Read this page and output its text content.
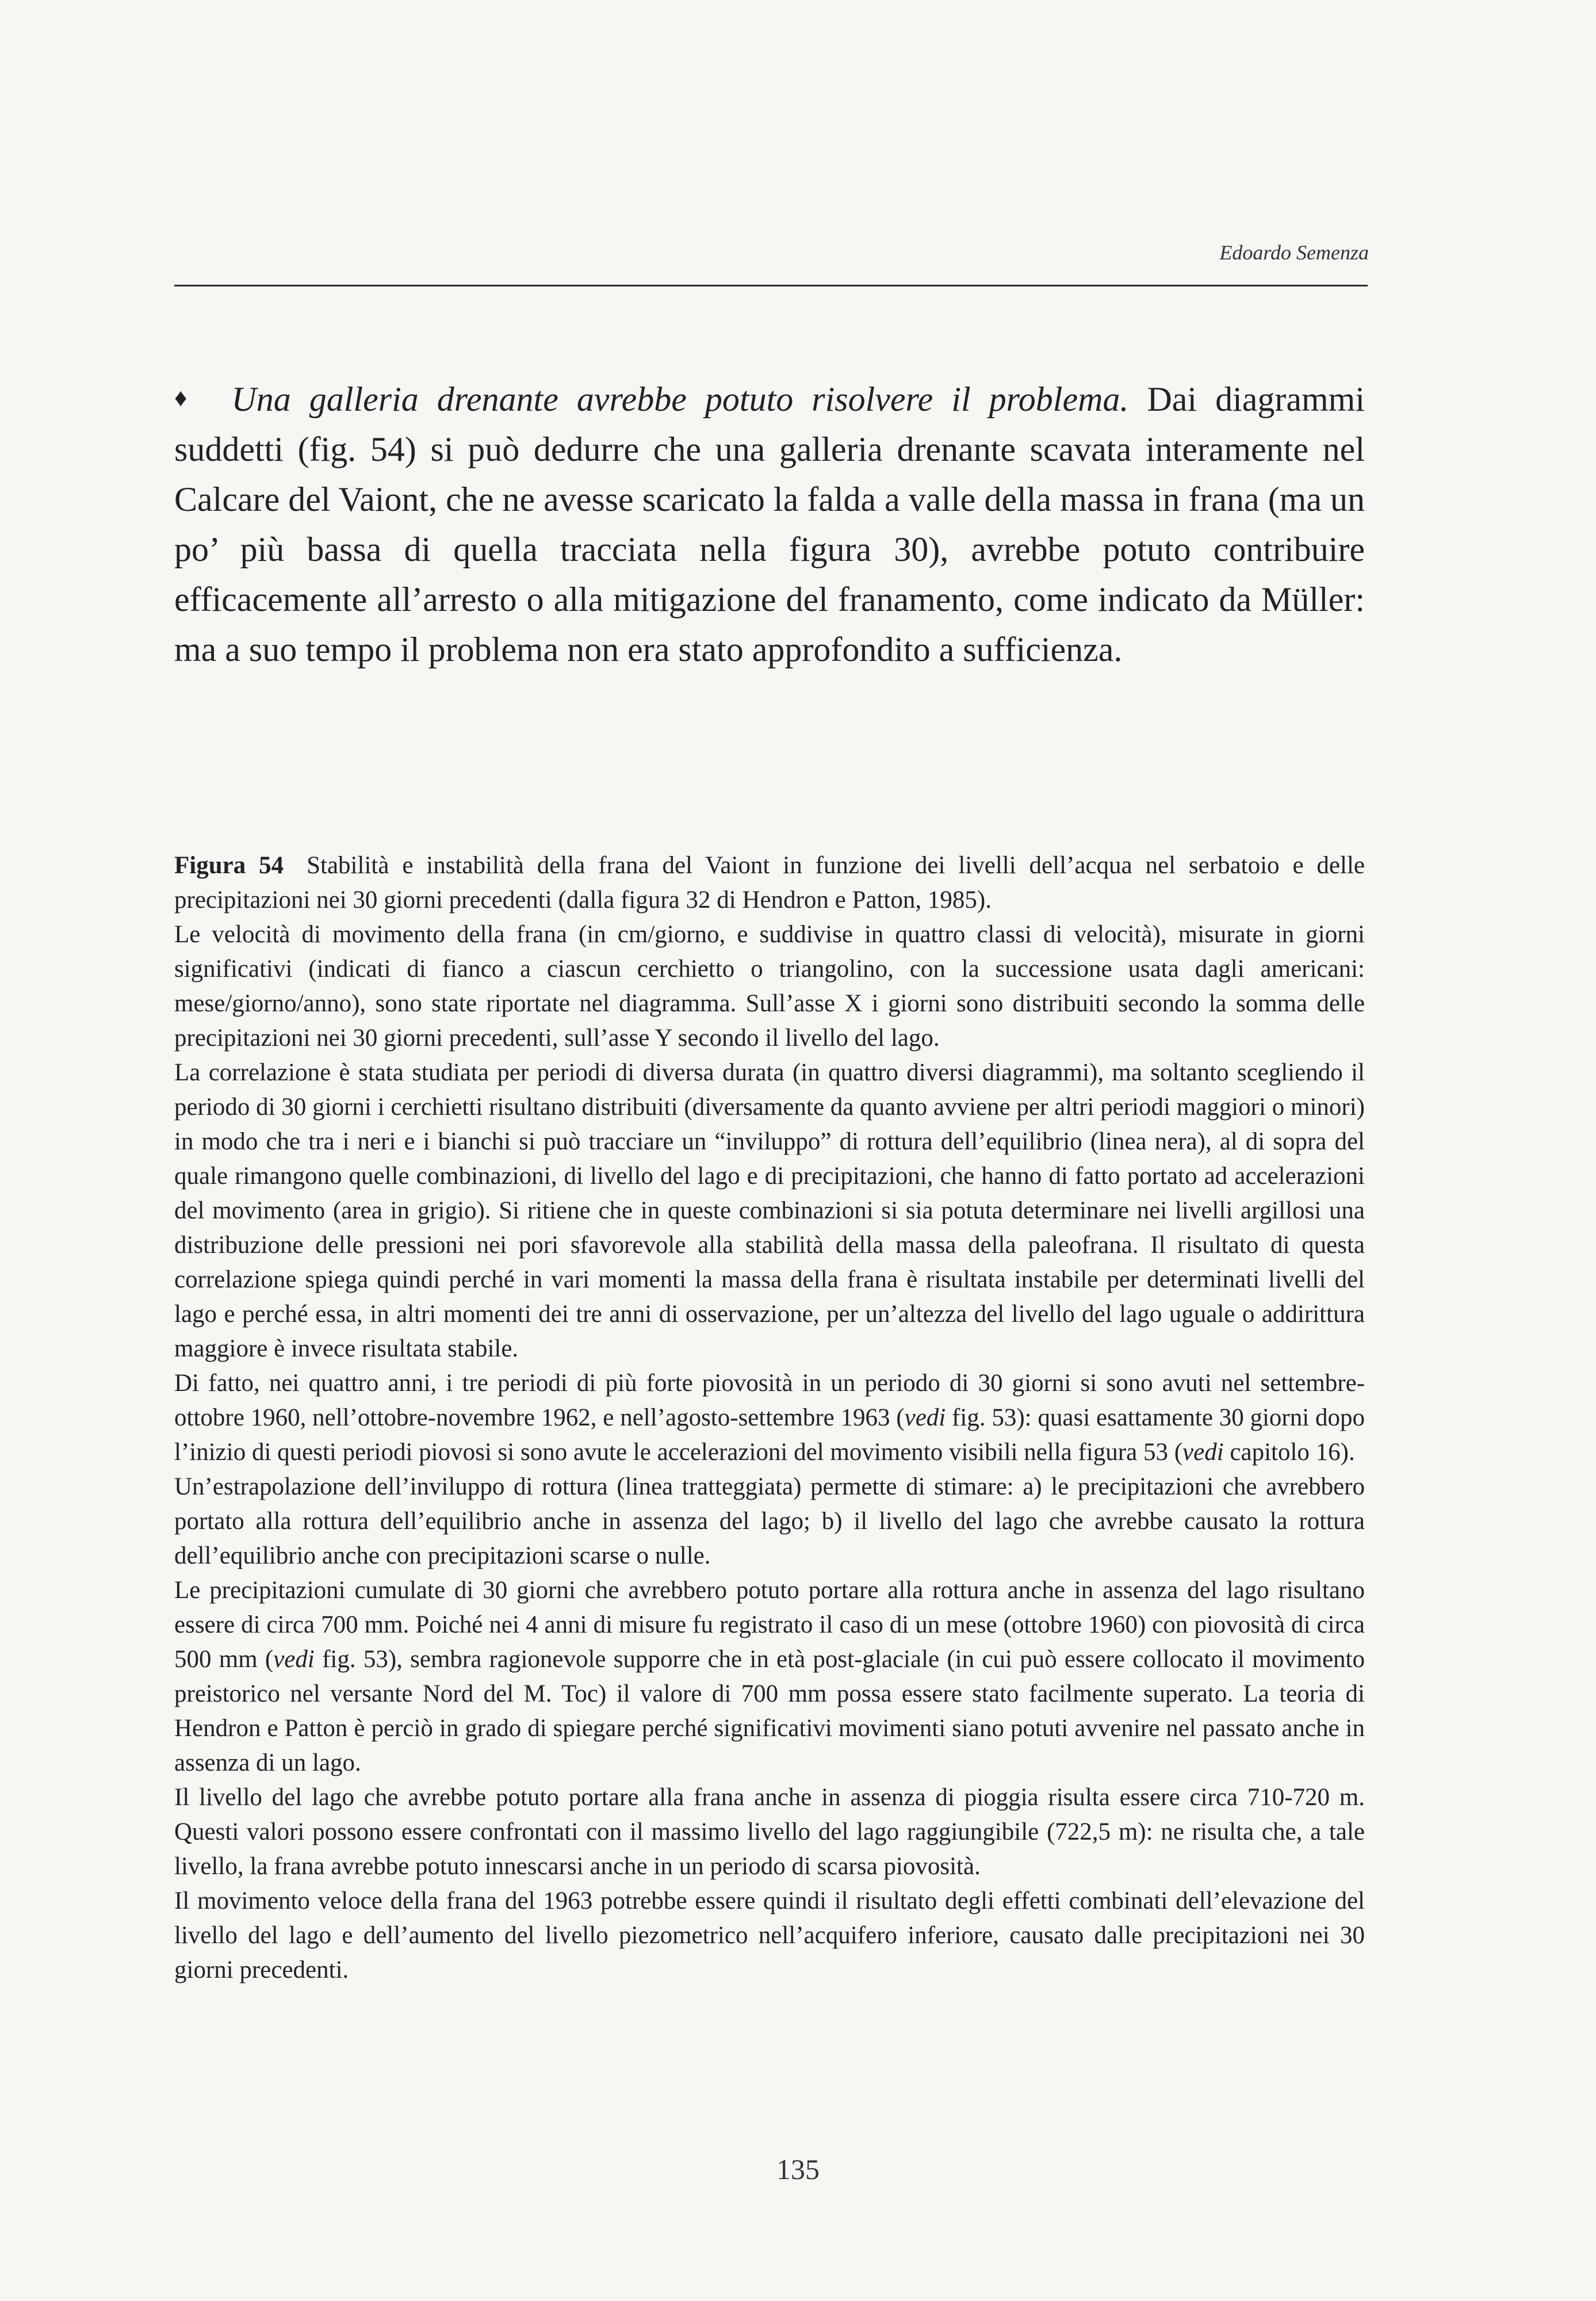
Edoardo Semenza

♦ Una galleria drenante avrebbe potuto risolvere il problema. Dai diagrammi suddetti (fig. 54) si può dedurre che una galleria drenante scavata interamente nel Calcare del Vaiont, che ne avesse scaricato la falda a valle della massa in frana (ma un po’ più bassa di quella tracciata nella figura 30), avrebbe potuto contribuire efficacemente all’arresto o alla mitigazione del franamento, come indicato da Müller: ma a suo tempo il problema non era stato approfondito a sufficienza.

Figura 54 Stabilità e instabilità della frana del Vaiont in funzione dei livelli dell’acqua nel serbatoio e delle precipitazioni nei 30 giorni precedenti (dalla figura 32 di Hendron e Patton, 1985).

Le velocità di movimento della frana (in cm/giorno, e suddivise in quattro classi di velocità), misurate in giorni significativi (indicati di fianco a ciascun cerchietto o triangolino, con la successione usata dagli americani: mese/giorno/anno), sono state riportate nel diagramma. Sull’asse X i giorni sono distribuiti secondo la somma delle precipitazioni nei 30 giorni precedenti, sull’asse Y secondo il livello del lago.

La correlazione è stata studiata per periodi di diversa durata (in quattro diversi diagrammi), ma soltanto scegliendo il periodo di 30 giorni i cerchietti risultano distribuiti (diversamente da quanto avviene per altri periodi maggiori o minori) in modo che tra i neri e i bianchi si può tracciare un “inviluppo” di rottura dell’equilibrio (linea nera), al di sopra del quale rimangono quelle combinazioni, di livello del lago e di precipitazioni, che hanno di fatto portato ad accelerazioni del movimento (area in grigio). Si ritiene che in queste combinazioni si sia potuta determinare nei livelli argillosi una distribuzione delle pressioni nei pori sfavorevole alla stabilità della massa della paleofrana. Il risultato di questa correlazione spiega quindi perché in vari momenti la massa della frana è risultata instabile per determinati livelli del lago e perché essa, in altri momenti dei tre anni di osservazione, per un’altezza del livello del lago uguale o addirittura maggiore è invece risultata stabile.

Di fatto, nei quattro anni, i tre periodi di più forte piovosità in un periodo di 30 giorni si sono avuti nel settembre-ottobre 1960, nell’ottobre-novembre 1962, e nell’agosto-settembre 1963 (vedi fig. 53): quasi esattamente 30 giorni dopo l’inizio di questi periodi piovosi si sono avute le accelerazioni del movimento visibili nella figura 53 (vedi capitolo 16).

Un’estrapolazione dell’inviluppo di rottura (linea tratteggiata) permette di stimare: a) le precipitazioni che avrebbero portato alla rottura dell’equilibrio anche in assenza del lago; b) il livello del lago che avrebbe causato la rottura dell’equilibrio anche con precipitazioni scarse o nulle.

Le precipitazioni cumulate di 30 giorni che avrebbero potuto portare alla rottura anche in assenza del lago risultano essere di circa 700 mm. Poiché nei 4 anni di misure fu registrato il caso di un mese (ottobre 1960) con piovosità di circa 500 mm (vedi fig. 53), sembra ragionevole supporre che in età post-glaciale (in cui può essere collocato il movimento preistorico nel versante Nord del M. Toc) il valore di 700 mm possa essere stato facilmente superato. La teoria di Hendron e Patton è perciò in grado di spiegare perché significativi movimenti siano potuti avvenire nel passato anche in assenza di un lago.

Il livello del lago che avrebbe potuto portare alla frana anche in assenza di pioggia risulta essere circa 710-720 m. Questi valori possono essere confrontati con il massimo livello del lago raggiungibile (722,5 m): ne risulta che, a tale livello, la frana avrebbe potuto innescarsi anche in un periodo di scarsa piovosità.

Il movimento veloce della frana del 1963 potrebbe essere quindi il risultato degli effetti combinati dell’elevazione del livello del lago e dell’aumento del livello piezometrico nell’acquifero inferiore, causato dalle precipitazioni nei 30 giorni precedenti.

135
